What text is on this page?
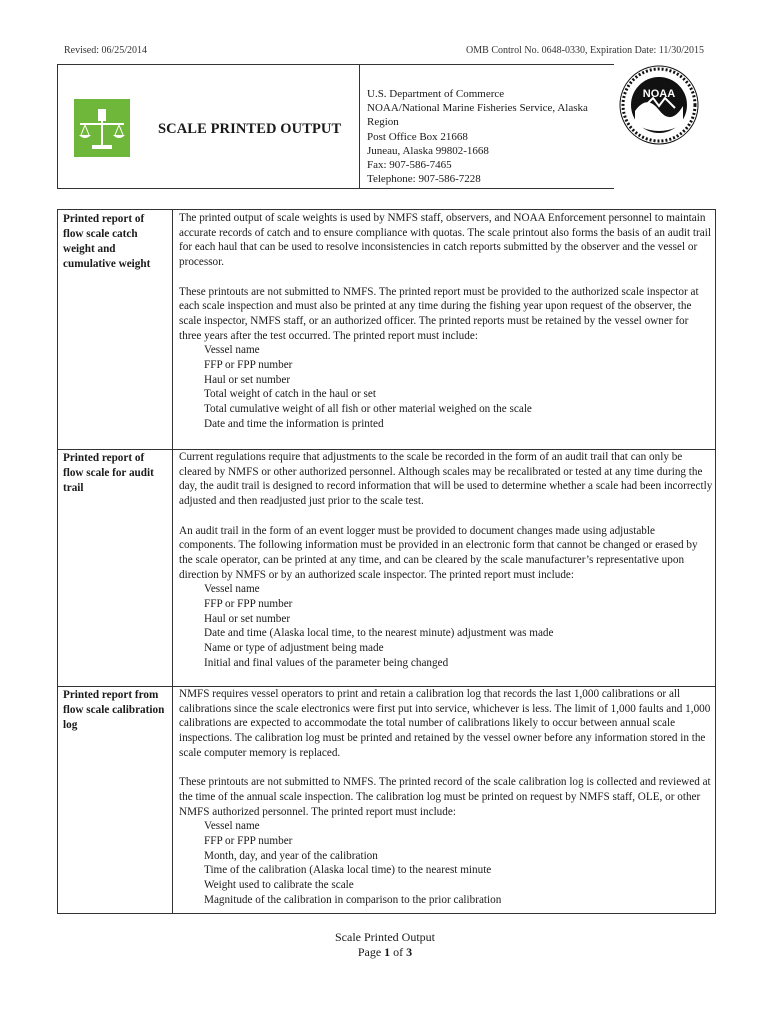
Revised: 06/25/2014	OMB Control No. 0648-0330, Expiration Date: 11/30/2015
SCALE PRINTED OUTPUT
U.S. Department of Commerce
NOAA/National Marine Fisheries Service, Alaska
Region
Post Office Box 21668
Juneau, Alaska 99802-1668
Fax: 907-586-7465
Telephone: 907-586-7228
NOAA
Printed report of flow scale catch weight and cumulative weight

The printed output of scale weights is used by NMFS staff, observers, and NOAA Enforcement personnel to maintain accurate records of catch and to ensure compliance with quotas. The scale printout also forms the basis of an audit trail for each haul that can be used to resolve inconsistencies in catch reports submitted by the observer and the vessel or processor.

These printouts are not submitted to NMFS. The printed report must be provided to the authorized scale inspector at each scale inspection and must also be printed at any time during the fishing year upon request of the observer, the scale inspector, NMFS staff, or an authorized officer. The printed reports must be retained by the vessel owner for three years after the test occurred. The printed report must include:

Vessel name
FFP or FPP number
Haul or set number
Total weight of catch in the haul or set
Total cumulative weight of all fish or other material weighed on the scale
Date and time the information is printed
Printed report of flow scale for audit trail

Current regulations require that adjustments to the scale be recorded in the form of an audit trail that can only be cleared by NMFS or other authorized personnel. Although scales may be recalibrated or tested at any time during the day, the audit trail is designed to record information that will be used to determine whether a scale had been incorrectly adjusted and then readjusted just prior to the scale test.

An audit trail in the form of an event logger must be provided to document changes made using adjustable components. The following information must be provided in an electronic form that cannot be changed or erased by the scale operator, can be printed at any time, and can be cleared by the scale manufacturer’s representative upon direction by NMFS or by an authorized scale inspector. The printed report must include:

Vessel name
FFP or FPP number
Haul or set number
Date and time (Alaska local time, to the nearest minute) adjustment was made
Name or type of adjustment being made
Initial and final values of the parameter being changed
Printed report from flow scale calibration log

NMFS requires vessel operators to print and retain a calibration log that records the last 1,000 calibrations or all calibrations since the scale electronics were first put into service, whichever is less. The limit of 1,000 faults and 1,000 calibrations are expected to accommodate the total number of calibrations likely to occur between annual scale inspections. The calibration log must be printed and retained by the vessel owner before any information stored in the scale computer memory is replaced.

These printouts are not submitted to NMFS. The printed record of the scale calibration log is collected and reviewed at the time of the annual scale inspection. The calibration log must be printed on request by NMFS staff, OLE, or other NMFS authorized personnel. The printed report must include:

Vessel name
FFP or FPP number
Month, day, and year of the calibration
Time of the calibration (Alaska local time) to the nearest minute
Weight used to calibrate the scale
Magnitude of the calibration in comparison to the prior calibration
Scale Printed Output
Page 1 of 3
